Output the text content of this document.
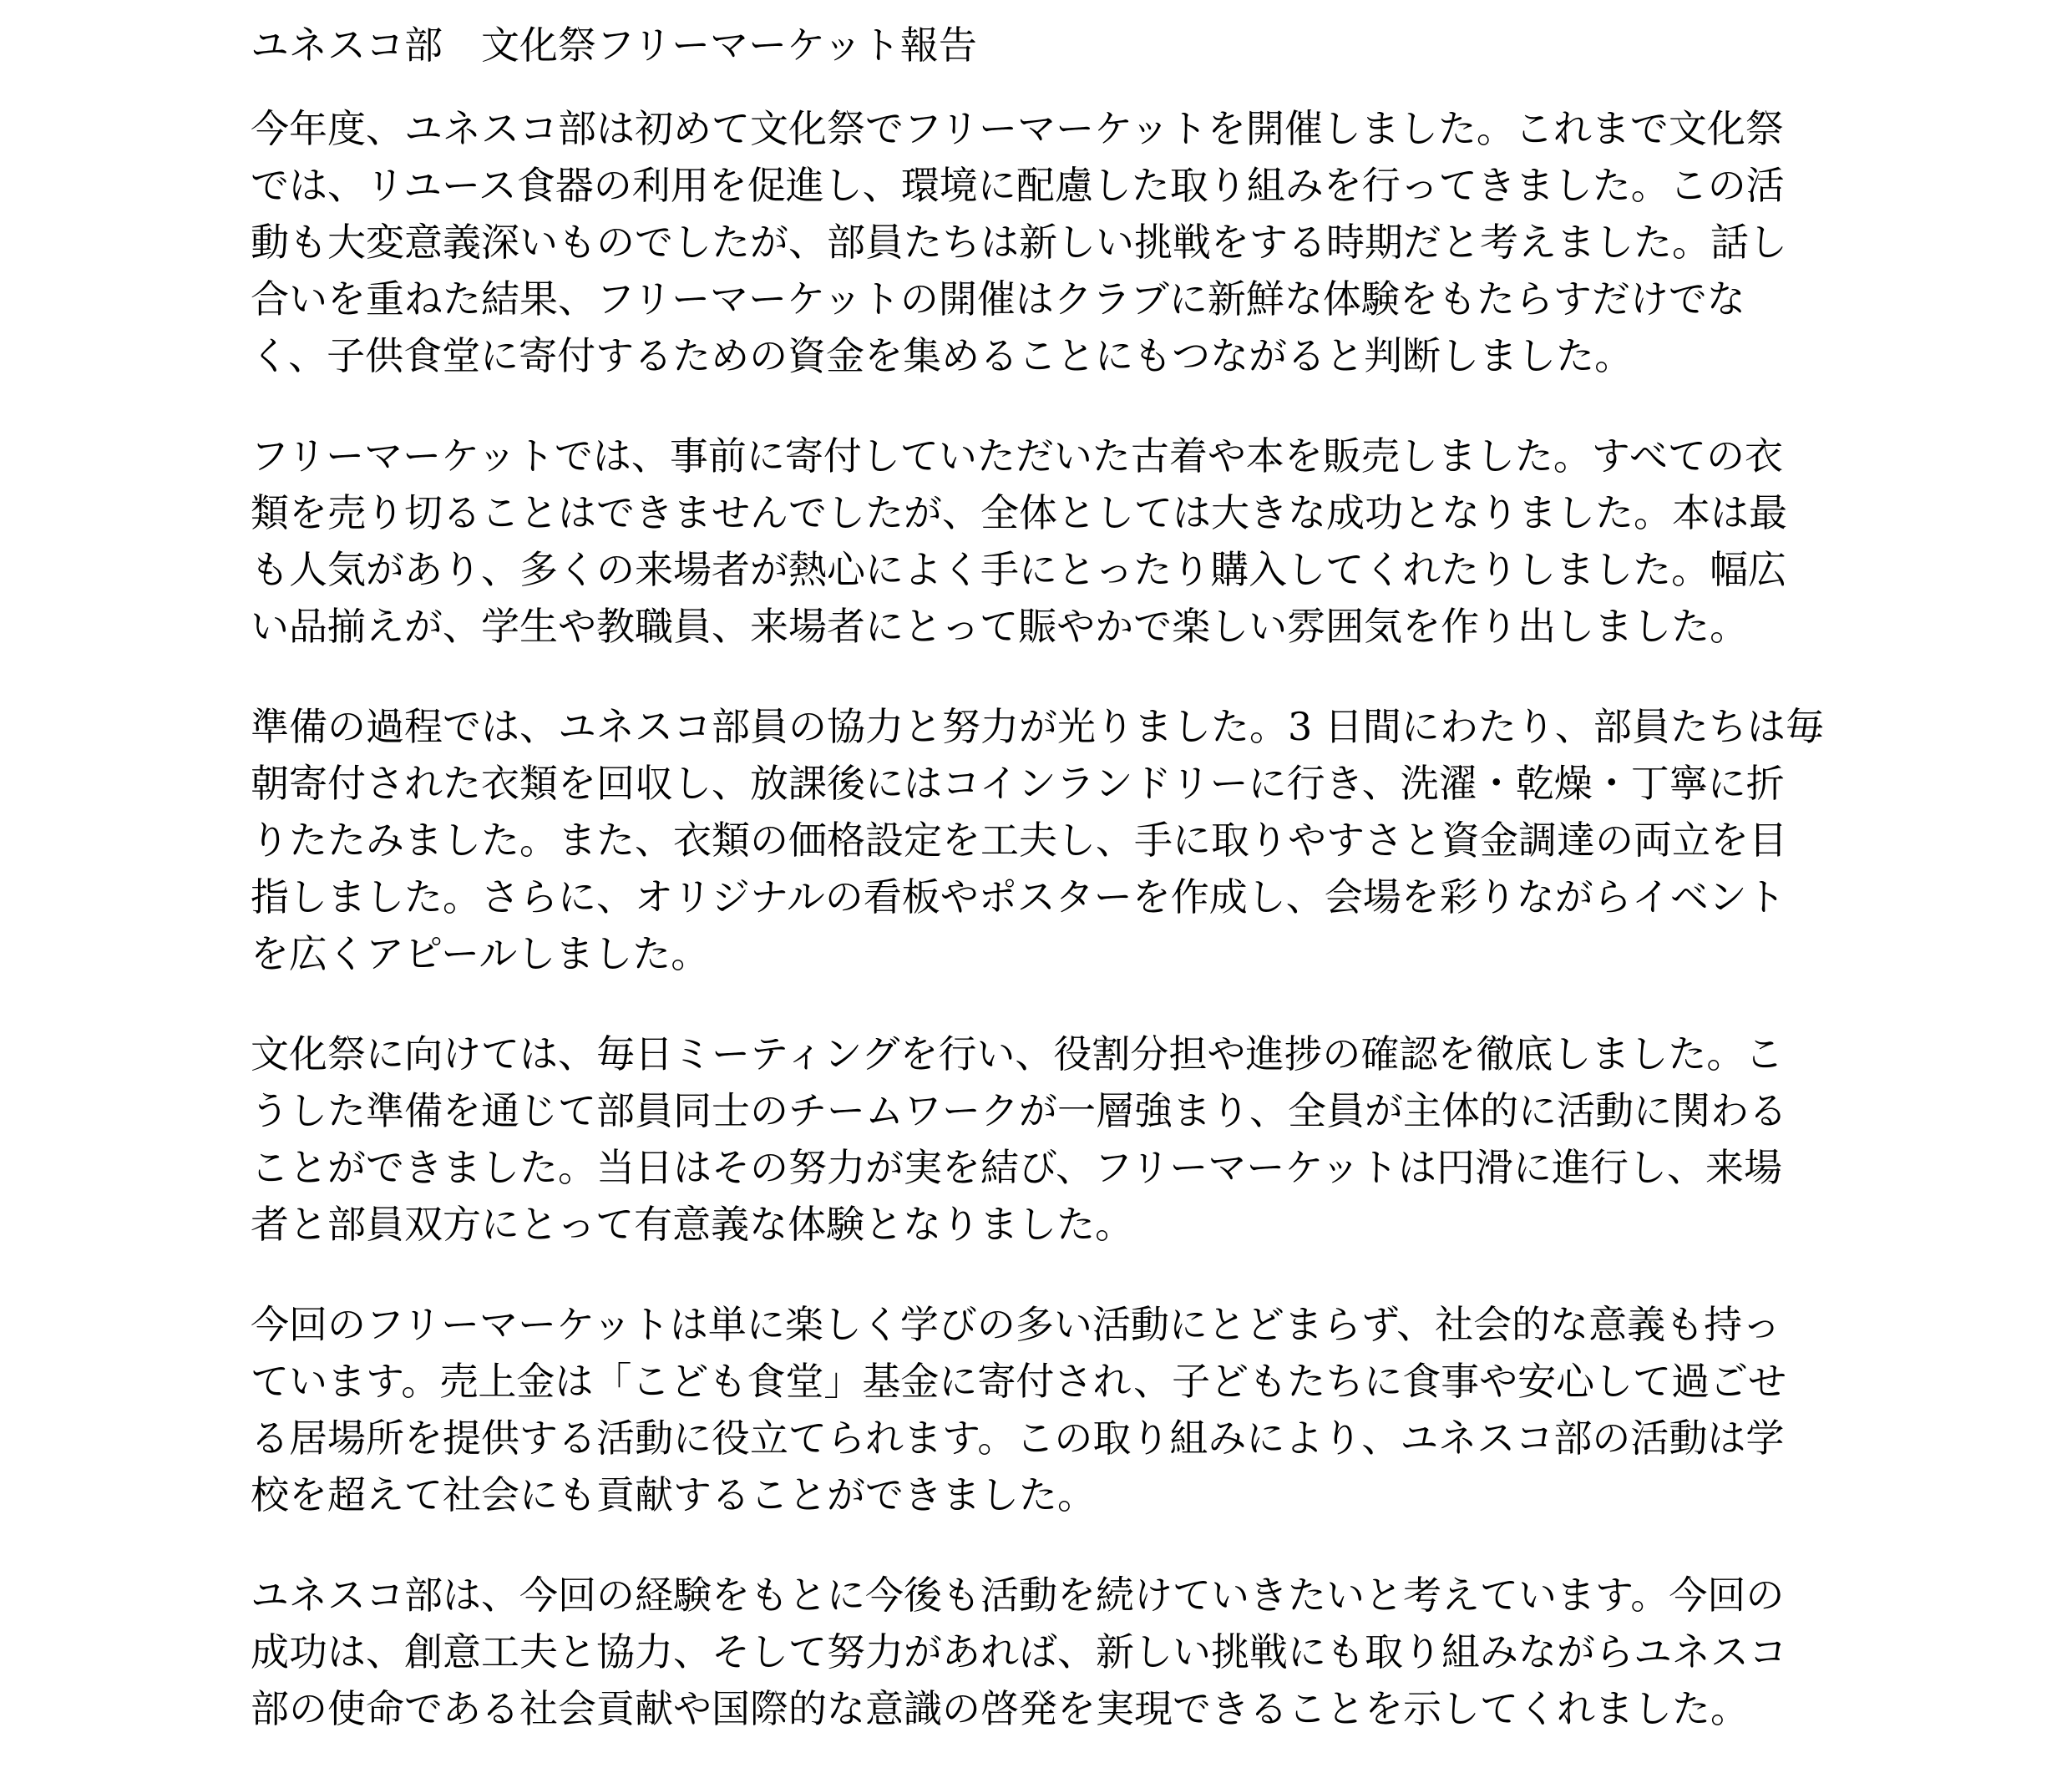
ユネスコ部　文化祭フリーマーケット報告
今年度、ユネスコ部は初めて文化祭でフリーマーケットを開催しました。これまで文化祭
では、リユース食器の利用を促進し、環境に配慮した取り組みを行ってきました。この活
動も大変意義深いものでしたが、部員たちは新しい挑戦をする時期だと考えました。話し
合いを重ねた結果、フリーマーケットの開催はクラブに新鮮な体験をもたらすだけでな
く、子供食堂に寄付するための資金を集めることにもつながると判断しました。
フリーマーケットでは、事前に寄付していただいた古着や本を販売しました。すべての衣
類を売り切ることはできませんでしたが、全体としては大きな成功となりました。本は最
も人気があり、多くの来場者が熱心によく手にとったり購入してくれたりしました。幅広
い品揃えが、学生や教職員、来場者にとって賑やかで楽しい雰囲気を作り出しました。
準備の過程では、ユネスコ部員の協力と努力が光りました。3 日間にわたり、部員たちは毎
朝寄付された衣類を回収し、放課後にはコインランドリーに行き、洗濯・乾燥・丁寧に折
りたたみました。また、衣類の価格設定を工夫し、手に取りやすさと資金調達の両立を目
指しました。さらに、オリジナルの看板やポスターを作成し、会場を彩りながらイベント
を広くアピールしました。
文化祭に向けては、毎日ミーティングを行い、役割分担や進捗の確認を徹底しました。こ
うした準備を通じて部員同士のチームワークが一層強まり、全員が主体的に活動に関わる
ことができました。当日はその努力が実を結び、フリーマーケットは円滑に進行し、来場
者と部員双方にとって有意義な体験となりました。
今回のフリーマーケットは単に楽しく学びの多い活動にとどまらず、社会的な意義も持っ
ています。売上金は「こども食堂」基金に寄付され、子どもたちに食事や安心して過ごせ
る居場所を提供する活動に役立てられます。この取り組みにより、ユネスコ部の活動は学
校を超えて社会にも貢献することができました。
ユネスコ部は、今回の経験をもとに今後も活動を続けていきたいと考えています。今回の
成功は、創意工夫と協力、そして努力があれば、新しい挑戦にも取り組みながらユネスコ
部の使命である社会貢献や国際的な意識の啓発を実現できることを示してくれました。
